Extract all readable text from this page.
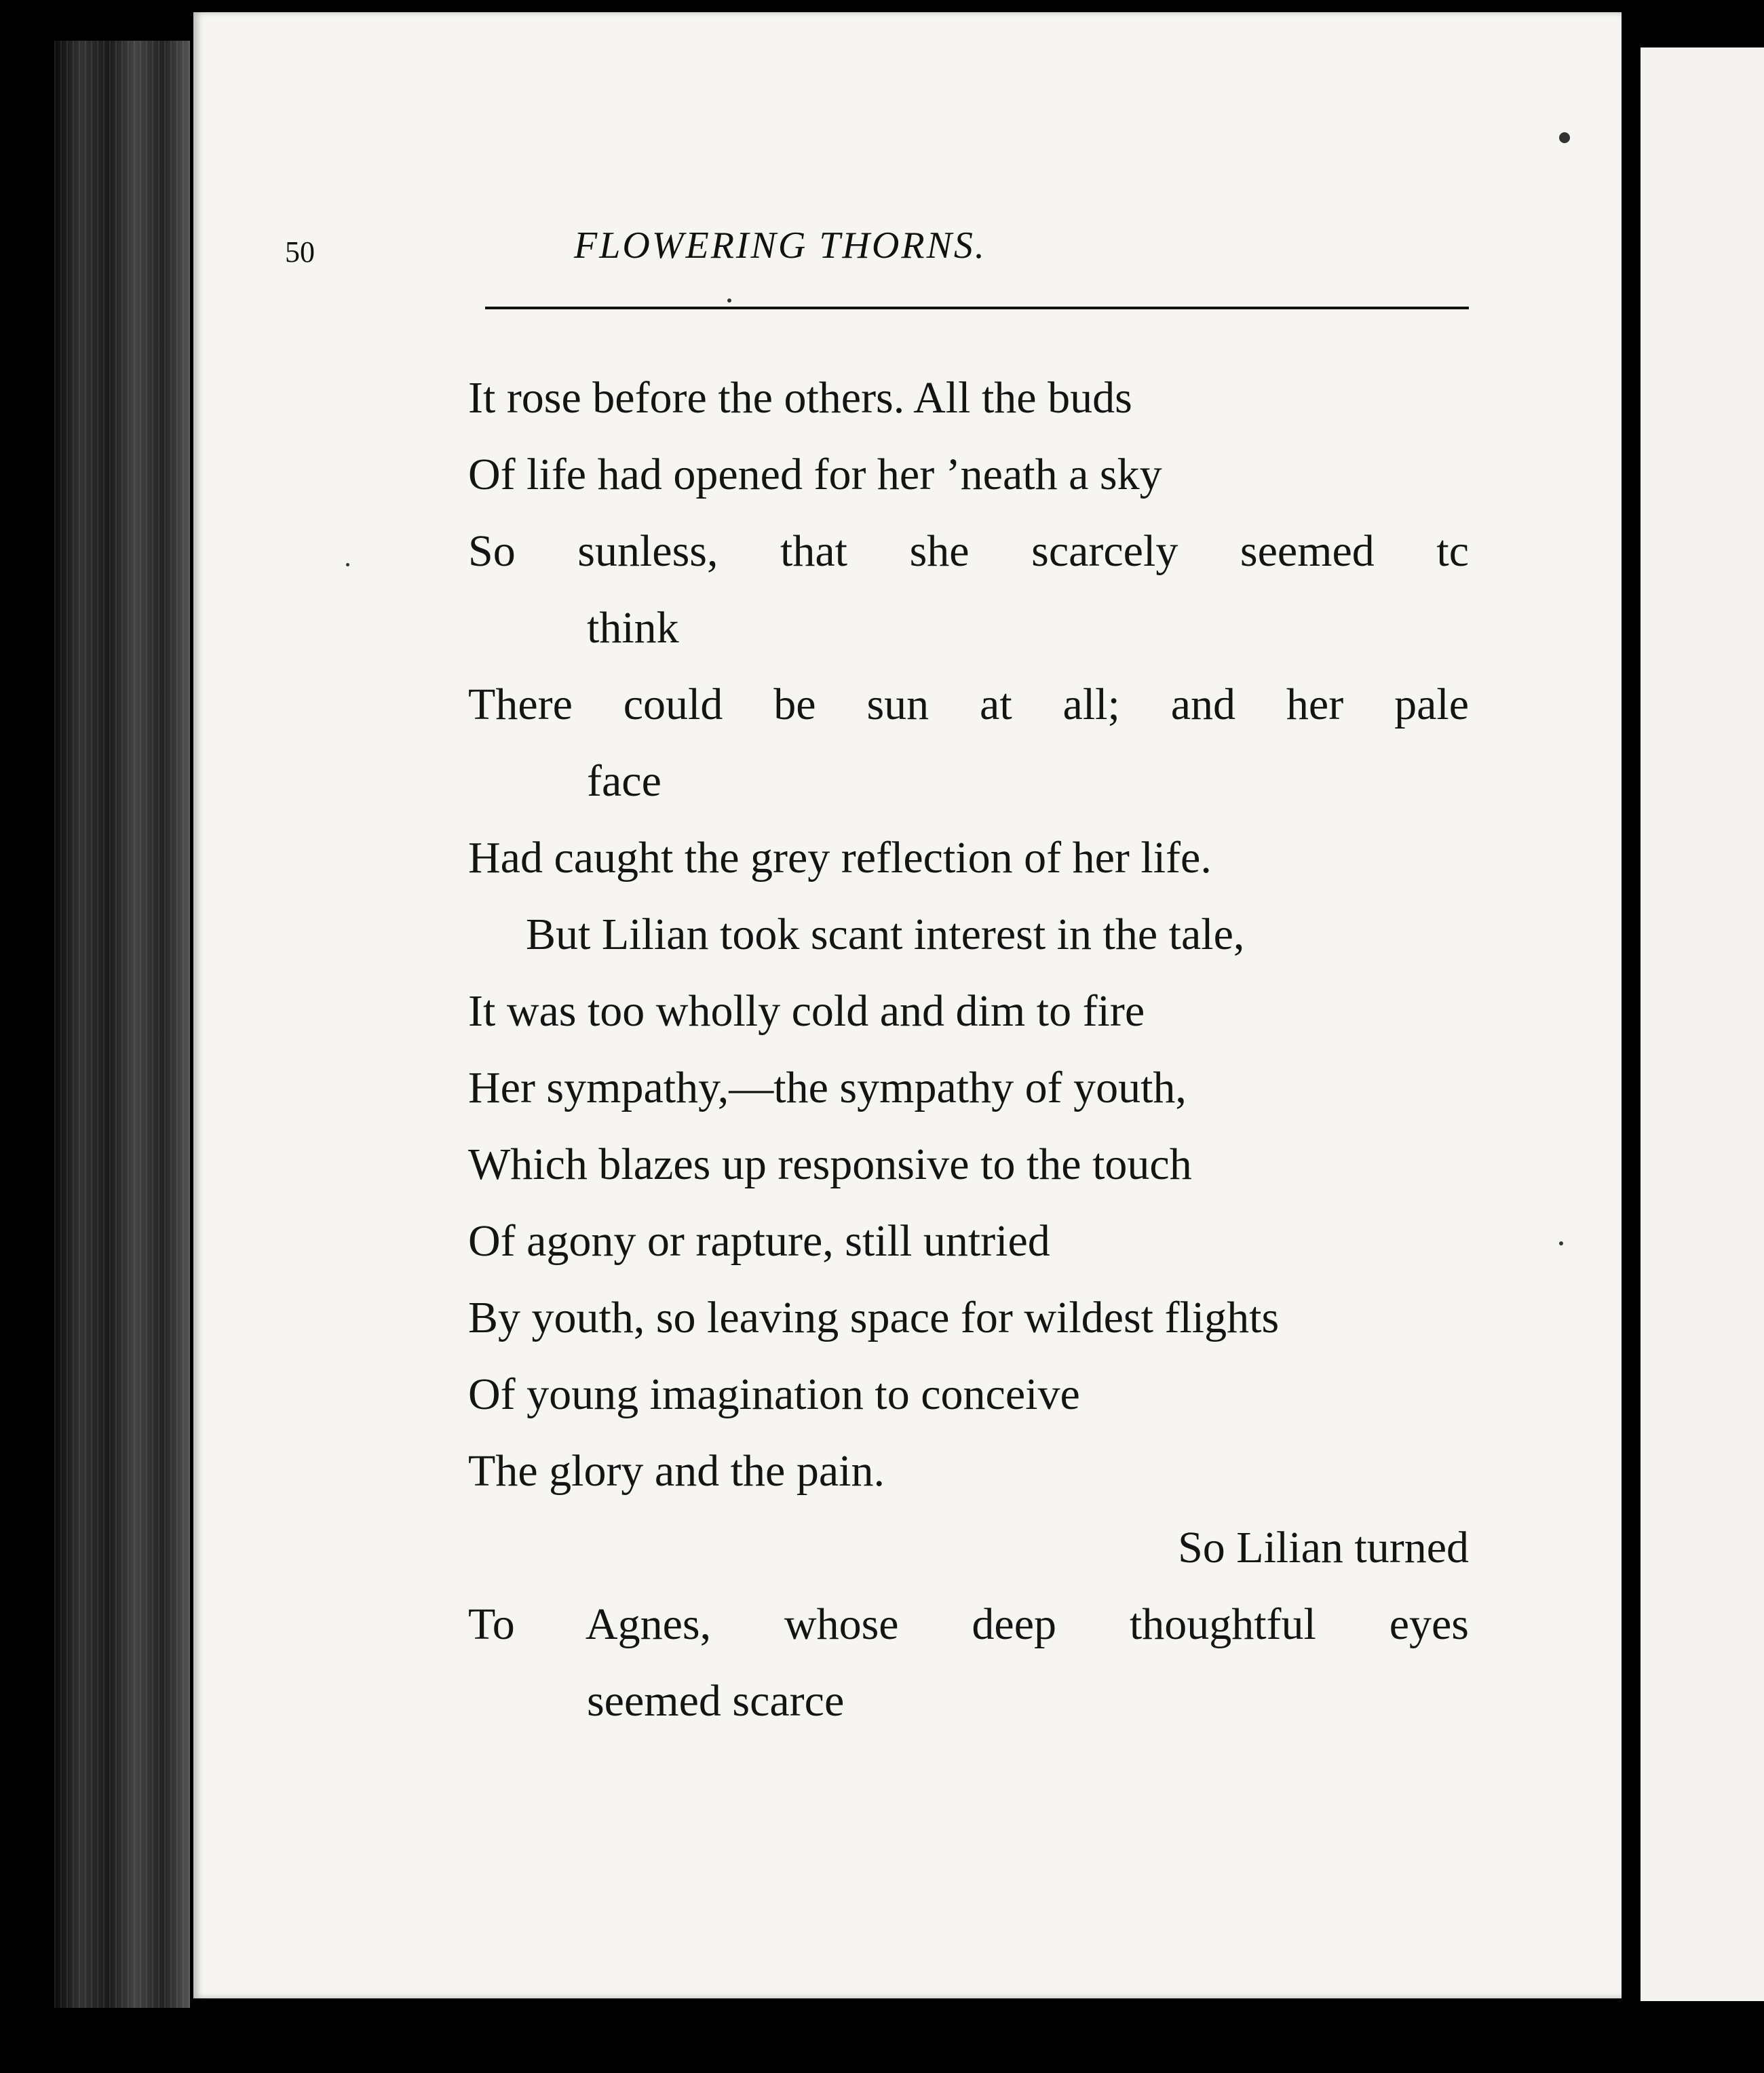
50	FLOWERING THORNS.
It rose before the others. All the buds
Of life had opened for her ’neath a sky
So sunless, that she scarcely seemed tc
think
There could be sun at all; and her pale
face
Had caught the grey reflection of her life.
But Lilian took scant interest in the tale,
It was too wholly cold and dim to fire
Her sympathy,—the sympathy of youth,
Which blazes up responsive to the touch
Of agony or rapture, still untried
By youth, so leaving space for wildest flights
Of young imagination to conceive
The glory and the pain.
So Lilian turned
To Agnes, whose deep thoughtful eyes
seemed scarce
